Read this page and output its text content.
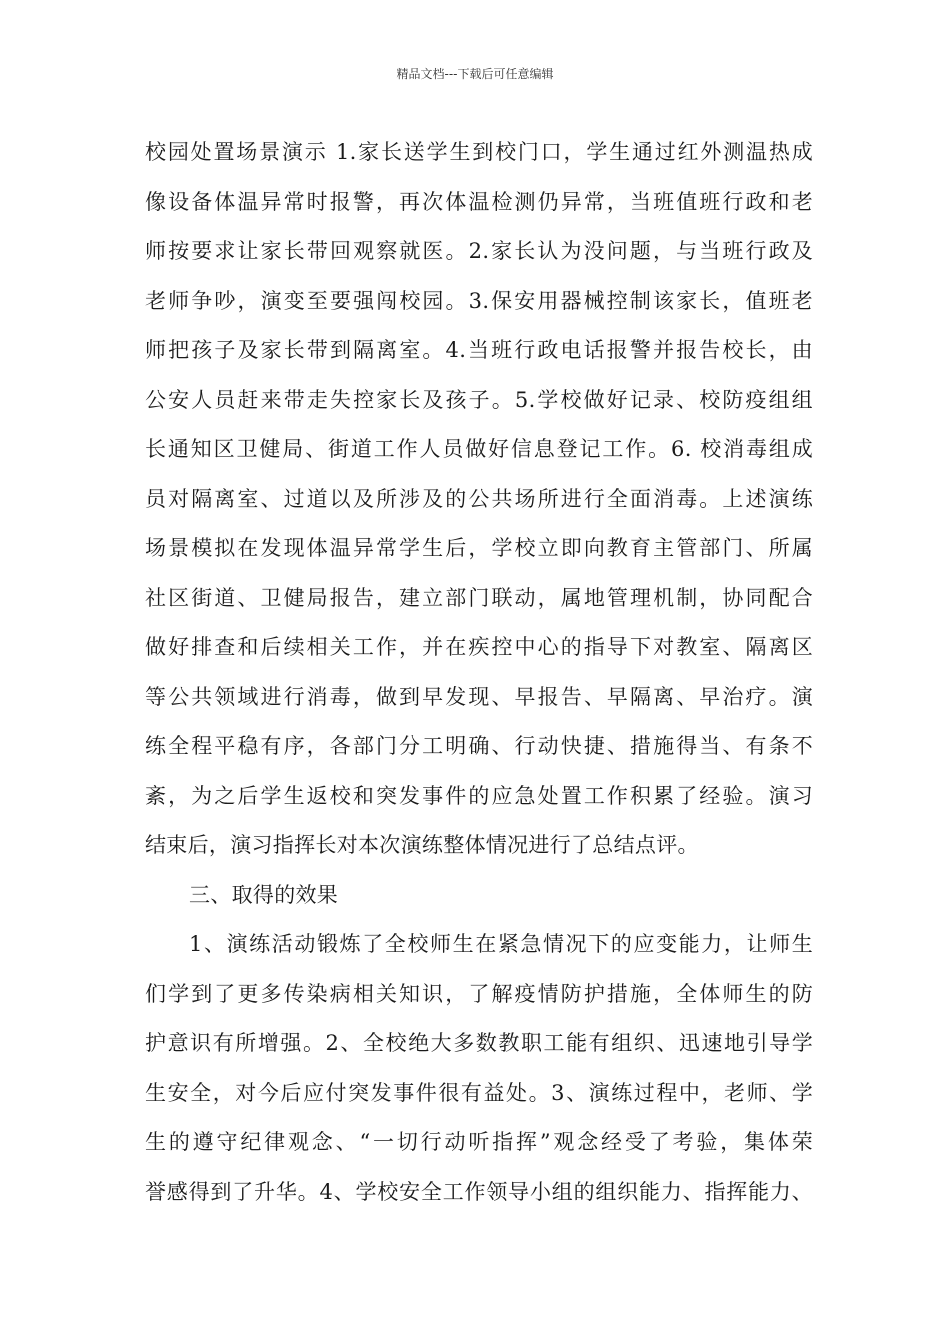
精品文档---下载后可任意编辑
校园处置场景演示 1.家长送学生到校门口，学生通过红外测温热成
像设备体温异常时报警，再次体温检测仍异常，当班值班行政和老
师按要求让家长带回观察就医。2.家长认为没问题，与当班行政及
老师争吵，演变至要强闯校园。3.保安用器械控制该家长，值班老
师把孩子及家长带到隔离室。4.当班行政电话报警并报告校长，由
公安人员赶来带走失控家长及孩子。5.学校做好记录、校防疫组组
长通知区卫健局、街道工作人员做好信息登记工作。6. 校消毒组成
员对隔离室、过道以及所涉及的公共场所进行全面消毒。上述演练
场景模拟在发现体温异常学生后，学校立即向教育主管部门、所属
社区街道、卫健局报告，建立部门联动，属地管理机制，协同配合
做好排查和后续相关工作，并在疾控中心的指导下对教室、隔离区
等公共领域进行消毒，做到早发现、早报告、早隔离、早治疗。演
练全程平稳有序，各部门分工明确、行动快捷、措施得当、有条不
紊，为之后学生返校和突发事件的应急处置工作积累了经验。演习
结束后，演习指挥长对本次演练整体情况进行了总结点评。
三、取得的效果
1、演练活动锻炼了全校师生在紧急情况下的应变能力，让师生
们学到了更多传染病相关知识，了解疫情防护措施，全体师生的防
护意识有所增强。2、全校绝大多数教职工能有组织、迅速地引导学
生安全，对今后应付突发事件很有益处。3、演练过程中，老师、学
生的遵守纪律观念、“一切行动听指挥”观念经受了考验，集体荣
誉感得到了升华。4、学校安全工作领导小组的组织能力、指挥能力、
